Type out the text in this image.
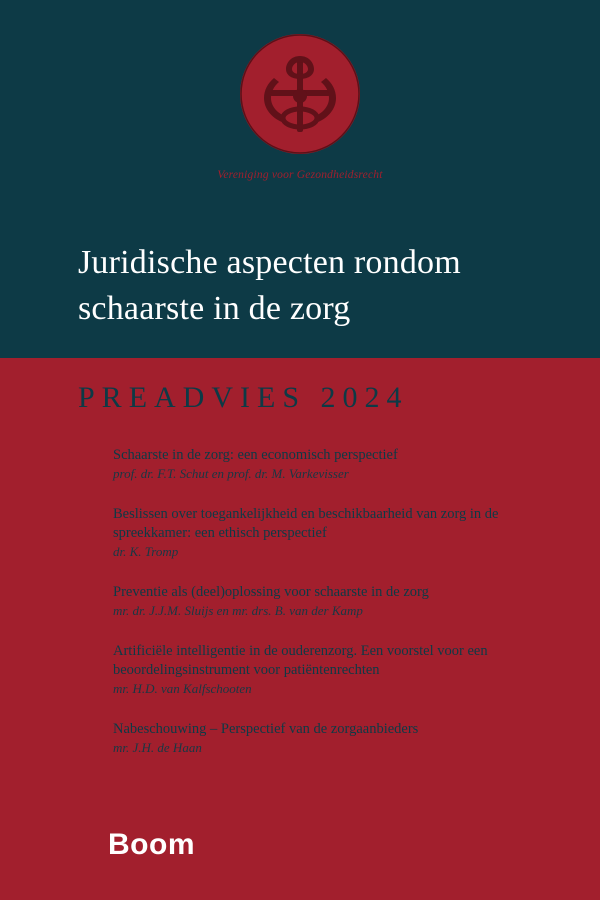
Vereniging voor Gezondheidsrecht
Juridische aspecten rondom
schaarste in de zorg
PREADVIES 2024
Schaarste in de zorg: een economisch perspectief
prof. dr. F.T. Schut en prof. dr. M. Varkevisser
Beslissen over toegankelijkheid en beschikbaarheid van zorg in de spreekkamer: een ethisch perspectief
dr. K. Tromp
Preventie als (deel)oplossing voor schaarste in de zorg
mr. dr. J.J.M. Sluijs en mr. drs. B. van der Kamp
Artificiële intelligentie in de ouderenzorg. Een voorstel voor een beoordelingsinstrument voor patiëntenrechten
mr. H.D. van Kalfschooten
Nabeschouwing – Perspectief van de zorgaanbieders
mr. J.H. de Haan
Boom
